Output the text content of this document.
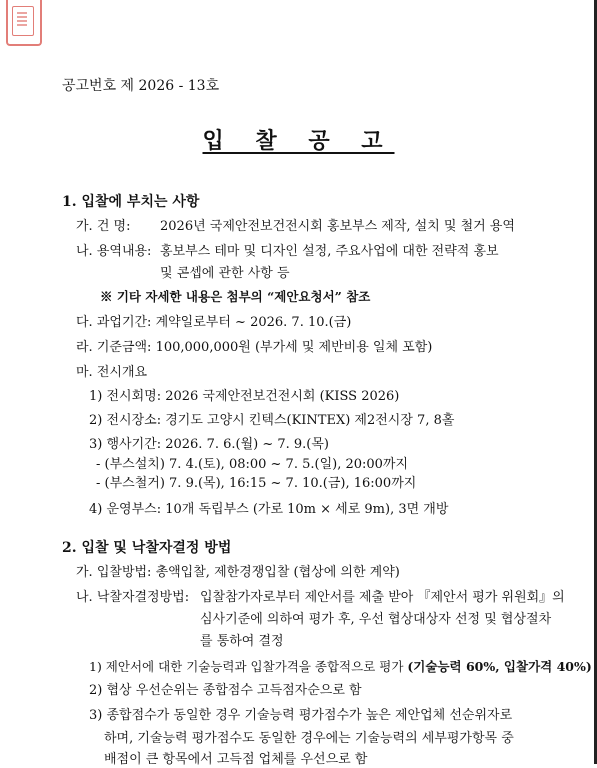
공고번호 제 2026 - 13호
입 찰 공 고
1. 입찰에 부치는 사항
가. 건 명: 2026년 국제안전보건전시회 홍보부스 제작, 설치 및 철거 용역
나. 용역내용: 홍보부스 테마 및 디자인 설정, 주요사업에 대한 전략적 홍보
및 콘셉에 관한 사항 등
※ 기타 자세한 내용은 첨부의 “제안요청서” 참조
다. 과업기간: 계약일로부터 ~ 2026. 7. 10.(금)
라. 기준금액: 100,000,000원 (부가세 및 제반비용 일체 포함)
마. 전시개요
1) 전시회명: 2026 국제안전보건전시회 (KISS 2026)
2) 전시장소: 경기도 고양시 킨텍스(KINTEX) 제2전시장 7, 8홀
3) 행사기간: 2026. 7. 6.(월) ~ 7. 9.(목)
- (부스설치) 7. 4.(토), 08:00 ~ 7. 5.(일), 20:00까지
- (부스철거) 7. 9.(목), 16:15 ~ 7. 10.(금), 16:00까지
4) 운영부스: 10개 독립부스 (가로 10m × 세로 9m), 3면 개방
2. 입찰 및 낙찰자결정 방법
가. 입찰방법: 총액입찰, 제한경쟁입찰 (협상에 의한 계약)
나. 낙찰자결정방법: 입찰참가자로부터 제안서를 제출 받아 『제안서 평가 위원회』의
심사기준에 의하여 평가 후, 우선 협상대상자 선정 및 협상절차
를 통하여 결정
1) 제안서에 대한 기술능력과 입찰가격을 종합적으로 평가 (기술능력 60%, 입찰가격 40%)
2) 협상 우선순위는 종합점수 고득점자순으로 함
3) 종합점수가 동일한 경우 기술능력 평가점수가 높은 제안업체 선순위자로
하며, 기술능력 평가점수도 동일한 경우에는 기술능력의 세부평가항목 중
배점이 큰 항목에서 고득점 업체를 우선으로 함
